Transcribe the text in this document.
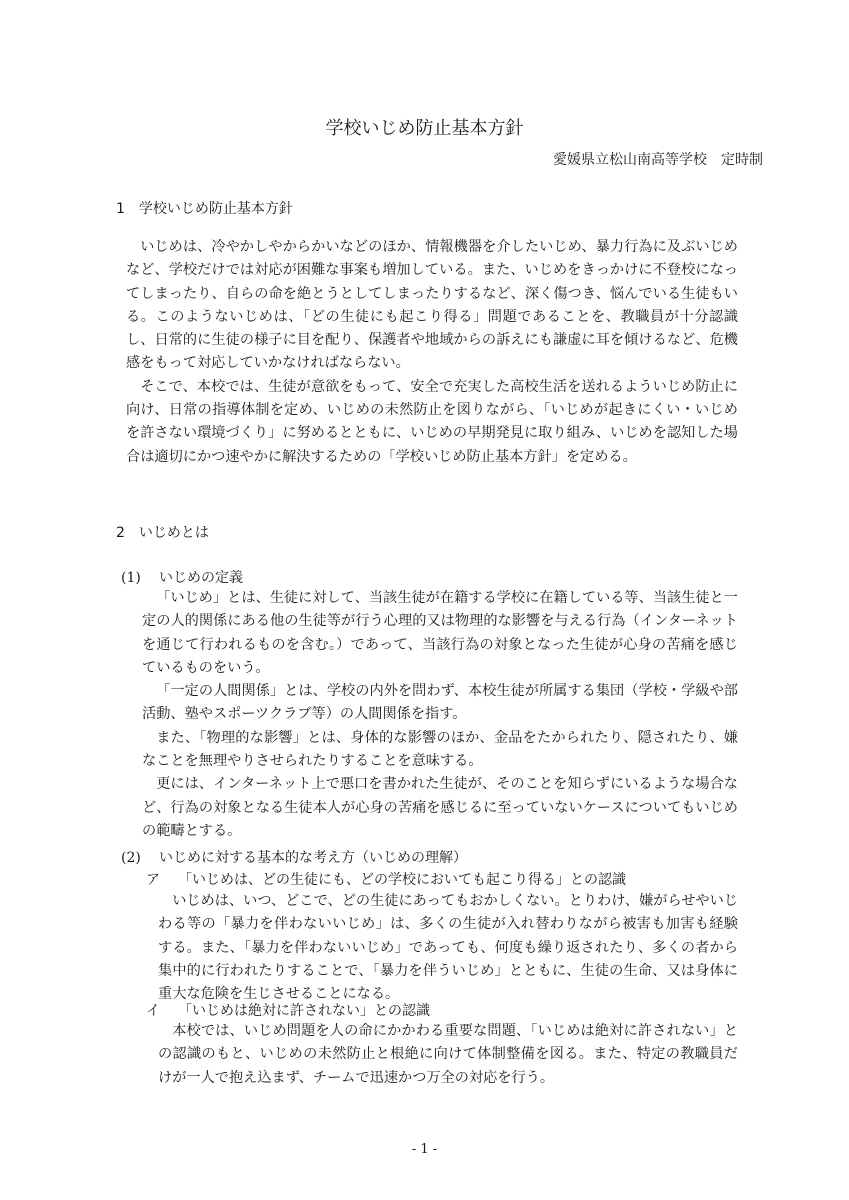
学校いじめ防止基本方針
愛媛県立松山南高等学校　定時制
1　学校いじめ防止基本方針

いじめは、冷やかしやからかいなどのほか、情報機器を介したいじめ、暴力行為に及ぶいじめなど、学校だけでは対応が困難な事案も増加している。また、いじめをきっかけに不登校になってしまったり、自らの命を絶とうとしてしまったりするなど、深く傷つき、悩んでいる生徒もいる。このようないじめは、「どの生徒にも起こり得る」問題であることを、教職員が十分認識し、日常的に生徒の様子に目を配り、保護者や地域からの訴えにも謙虚に耳を傾けるなど、危機感をもって対応していかなければならない。

そこで、本校では、生徒が意欲をもって、安全で充実した高校生活を送れるよういじめ防止に向け、日常の指導体制を定め、いじめの未然防止を図りながら、「いじめが起きにくい・いじめを許さない環境づくり」に努めるとともに、いじめの早期発見に取り組み、いじめを認知した場合は適切にかつ速やかに解決するための「学校いじめ防止基本方針」を定める。

2　いじめとは
(1) いじめの定義

「いじめ」とは、生徒に対して、当該生徒が在籍する学校に在籍している等、当該生徒と一定の人的関係にある他の生徒等が行う心理的又は物理的な影響を与える行為（インターネットを通じて行われるものを含む。）であって、当該行為の対象となった生徒が心身の苦痛を感じているものをいう。

「一定の人間関係」とは、学校の内外を問わず、本校生徒が所属する集団（学校・学級や部活動、塾やスポーツクラブ等）の人間関係を指す。

また、「物理的な影響」とは、身体的な影響のほか、金品をたかられたり、隠されたり、嫌なことを無理やりさせられたりすることを意味する。

更には、インターネット上で悪口を書かれた生徒が、そのことを知らずにいるような場合など、行為の対象となる生徒本人が心身の苦痛を感じるに至っていないケースについてもいじめの範疇とする。

(2) いじめに対する基本的な考え方（いじめの理解）
ア 「いじめは、どの生徒にも、どの学校においても起こり得る」との認識

いじめは、いつ、どこで、どの生徒にあってもおかしくない。とりわけ、嫌がらせやいじわる等の「暴力を伴わないいじめ」は、多くの生徒が入れ替わりながら被害も加害も経験する。また、「暴力を伴わないいじめ」であっても、何度も繰り返されたり、多くの者から集中的に行われたりすることで、「暴力を伴ういじめ」とともに、生徒の生命、又は身体に重大な危険を生じさせることになる。

イ 「いじめは絶対に許されない」との認識

本校では、いじめ問題を人の命にかかわる重要な問題、「いじめは絶対に許されない」との認識のもと、いじめの未然防止と根絶に向けて体制整備を図る。また、特定の教職員だけが一人で抱え込まず、チームで迅速かつ万全の対応を行う。

- 1 -
